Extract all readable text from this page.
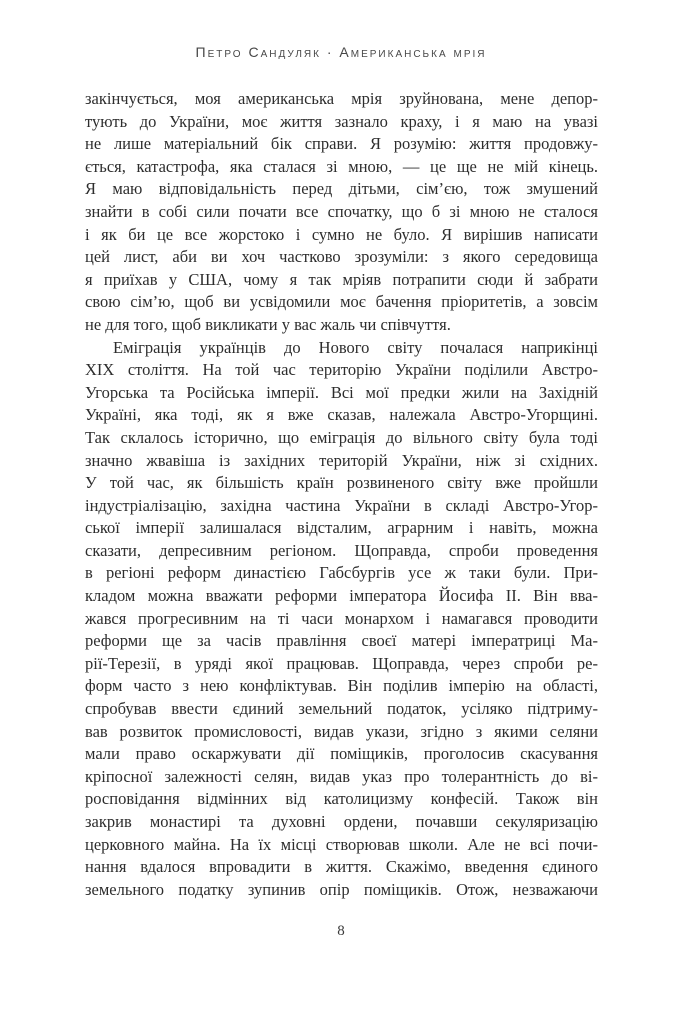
Петро Сандуляк · Американська мрія
закінчується, моя американська мрія зруйнована, мене депор-
тують до України, моє життя зазнало краху, і я маю на увазі
не лише матеріальний бік справи. Я розумію: життя продовжу-
ється, катастрофа, яка сталася зі мною, — це ще не мій кінець.
Я маю відповідальність перед дітьми, сім’єю, тож змушений
знайти в собі сили почати все спочатку, що б зі мною не сталося
і як би це все жорстоко і сумно не було. Я вирішив написати
цей лист, аби ви хоч частково зрозуміли: з якого середовища
я приїхав у США, чому я так мріяв потрапити сюди й забрати
свою сім’ю, щоб ви усвідомили моє бачення пріоритетів, а зовсім
не для того, щоб викликати у вас жаль чи співчуття.
Еміграція українців до Нового світу почалася наприкінці
XIX століття. На той час територію України поділили Австро-
Угорська та Російська імперії. Всі мої предки жили на Західній
Україні, яка тоді, як я вже сказав, належала Австро-Угорщині.
Так склалось історично, що еміграція до вільного світу була тоді
значно жвавіша із західних територій України, ніж зі східних.
У той час, як більшість країн розвиненого світу вже пройшли
індустріалізацію, західна частина України в складі Австро-Угор-
ської імперії залишалася відсталим, аграрним і навіть, можна
сказати, депресивним регіоном. Щоправда, спроби проведення
в регіоні реформ династією Габсбургів усе ж таки були. При-
кладом можна вважати реформи імператора Йосифа II. Він вва-
жався прогресивним на ті часи монархом і намагався проводити
реформи ще за часів правління своєї матері імператриці Ма-
рії-Терезії, в уряді якої працював. Щоправда, через спроби ре-
форм часто з нею конфліктував. Він поділив імперію на області,
спробував ввести єдиний земельний податок, усіляко підтриму-
вав розвиток промисловості, видав укази, згідно з якими селяни
мали право оскаржувати дії поміщиків, проголосив скасування
кріпосної залежності селян, видав указ про толерантність до ві-
росповідання відмінних від католицизму конфесій. Також він
закрив монастирі та духовні ордени, почавши секуляризацію
церковного майна. На їх місці створював школи. Але не всі почи-
нання вдалося впровадити в життя. Скажімо, введення єдиного
земельного податку зупинив опір поміщиків. Отож, незважаючи
8
